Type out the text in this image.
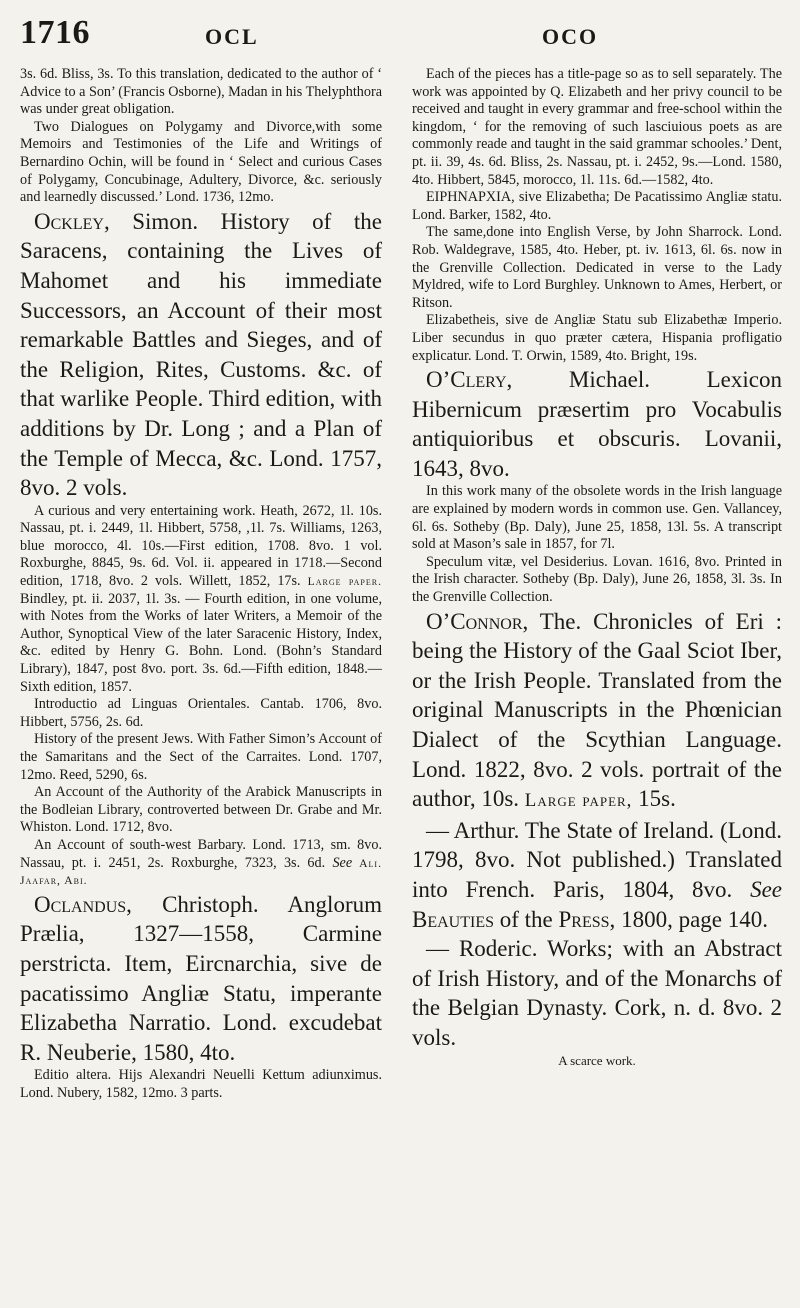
1716	OCL	OCO

3s. 6d. Bliss, 3s. To this translation, dedicated to the author of ‘ Advice to a Son’ (Francis Osborne), Madan in his Thelyphthora was under great obligation.

Two Dialogues on Polygamy and Divorce,with some Memoirs and Testimonies of the Life and Writings of Bernardino Ochin, will be found in ‘ Select and curious Cases of Polygamy, Concubinage, Adultery, Divorce, &c. seriously and learnedly discussed.’ Lond. 1736, 12mo.

Ockley, Simon. History of the Saracens, containing the Lives of Mahomet and his immediate Successors, an Account of their most remarkable Battles and Sieges, and of the Religion, Rites, Customs. &c. of that warlike People. Third edition, with additions by Dr. Long ; and a Plan of the Temple of Mecca, &c. Lond. 1757, 8vo. 2 vols.

A curious and very entertaining work. Heath, 2672, 1l. 10s. Nassau, pt. i. 2449, 1l. Hibbert, 5758, ,1l. 7s. Williams, 1263, blue morocco, 4l. 10s.—First edition, 1708. 8vo. 1 vol. Roxburghe, 8845, 9s. 6d. Vol. ii. appeared in 1718.—Second edition, 1718, 8vo. 2 vols. Willett, 1852, 17s. Large paper. Bindley, pt. ii. 2037, 1l. 3s. — Fourth edition, in one volume, with Notes from the Works of later Writers, a Memoir of the Author, Synoptical View of the later Saracenic History, Index, &c. edited by Henry G. Bohn. Lond. (Bohn’s Standard Library), 1847, post 8vo. port. 3s. 6d.—Fifth edition, 1848.—Sixth edition, 1857.

Introductio ad Linguas Orientales. Cantab. 1706, 8vo. Hibbert, 5756, 2s. 6d.

History of the present Jews. With Father Simon’s Account of the Samaritans and the Sect of the Carraites. Lond. 1707, 12mo. Reed, 5290, 6s.

An Account of the Authority of the Arabick Manuscripts in the Bodleian Library, controverted between Dr. Grabe and Mr. Whiston. Lond. 1712, 8vo.

An Account of south-west Barbary. Lond. 1713, sm. 8vo. Nassau, pt. i. 2451, 2s. Roxburghe, 7323, 3s. 6d. See Ali. Jaafar, Abi.

Oclandus, Christoph. Anglorum Prælia, 1327—1558, Carmine perstricta. Item, Eircnarchia, sive de pacatissimo Angliæ Statu, imperante Elizabetha Narratio. Lond. excudebat R. Neuberie, 1580, 4to.

Editio altera. Hijs Alexandri Neuelli Kettum adiunximus. Lond. Nubery, 1582, 12mo. 3 parts.

Each of the pieces has a title-page so as to sell separately. The work was appointed by Q. Elizabeth and her privy council to be received and taught in every grammar and free-school within the kingdom, ‘ for the removing of such lasciuious poets as are commonly reade and taught in the said grammar schooles.’ Dent, pt. ii. 39, 4s. 6d. Bliss, 2s. Nassau, pt. i. 2452, 9s.—Lond. 1580, 4to. Hibbert, 5845, morocco, 1l. 11s. 6d.—1582, 4to.

EIPHNAPXIA, sive Elizabetha; De Pacatissimo Angliæ statu. Lond. Barker, 1582, 4to.

The same,done into English Verse, by John Sharrock. Lond. Rob. Waldegrave, 1585, 4to. Heber, pt. iv. 1613, 6l. 6s. now in the Grenville Collection. Dedicated in verse to the Lady Myldred, wife to Lord Burghley. Unknown to Ames, Herbert, or Ritson.

Elizabetheis, sive de Angliæ Statu sub Elizabethæ Imperio. Liber secundus in quo præter cætera, Hispania profligatio explicatur. Lond. T. Orwin, 1589, 4to. Bright, 19s.

O’Clery, Michael. Lexicon Hibernicum præsertim pro Vocabulis antiquioribus et obscuris. Lovanii, 1643, 8vo.

In this work many of the obsolete words in the Irish language are explained by modern words in common use. Gen. Vallancey, 6l. 6s. Sotheby (Bp. Daly), June 25, 1858, 13l. 5s. A transcript sold at Mason’s sale in 1857, for 7l.

Speculum vitæ, vel Desiderius. Lovan. 1616, 8vo. Printed in the Irish character. Sotheby (Bp. Daly), June 26, 1858, 3l. 3s. In the Grenville Collection.

O’Connor, The. Chronicles of Eri : being the History of the Gaal Sciot Iber, or the Irish People. Translated from the original Manuscripts in the Phœnician Dialect of the Scythian Language. Lond. 1822, 8vo. 2 vols. portrait of the author, 10s. Large paper, 15s.

— Arthur. The State of Ireland. (Lond. 1798, 8vo. Not published.) Translated into French. Paris, 1804, 8vo. See Beauties of the Press, 1800, page 140.

— Roderic. Works; with an Abstract of Irish History, and of the Monarchs of the Belgian Dynasty. Cork, n. d. 8vo. 2 vols.

A scarce work.
